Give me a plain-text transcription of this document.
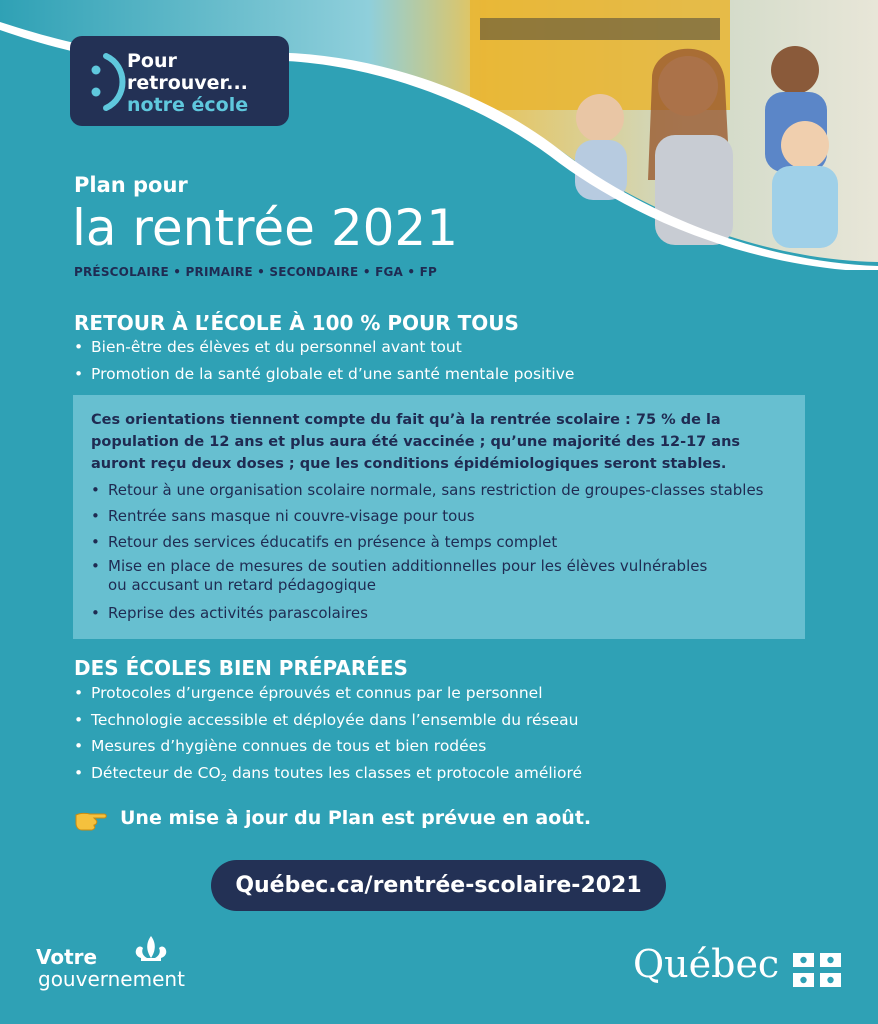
Pour
retrouver...
notre école
Plan pour
la rentrée 2021
PRÉSCOLAIRE • PRIMAIRE • SECONDAIRE • FGA • FP
RETOUR À L’ÉCOLE À 100 % POUR TOUS
• Bien-être des élèves et du personnel avant tout
• Promotion de la santé globale et d’une santé mentale positive
Ces orientations tiennent compte du fait qu’à la rentrée scolaire : 75 % de la population de 12 ans et plus aura été vaccinée ; qu’une majorité des 12-17 ans auront reçu deux doses ; que les conditions épidémiologiques seront stables.
• Retour à une organisation scolaire normale, sans restriction de groupes-classes stables
• Rentrée sans masque ni couvre-visage pour tous
• Retour des services éducatifs en présence à temps complet
• Mise en place de mesures de soutien additionnelles pour les élèves vulnérables
ou accusant un retard pédagogique
• Reprise des activités parascolaires
DES ÉCOLES BIEN PRÉPARÉES
• Protocoles d’urgence éprouvés et connus par le personnel
• Technologie accessible et déployée dans l’ensemble du réseau
• Mesures d’hygiène connues de tous et bien rodées
• Détecteur de $CO_2$ dans toutes les classes et protocole amélioré
Une mise à jour du Plan est prévue en août.
Québec.ca/rentrée-scolaire-2021
Votre
gouvernement	Québec
